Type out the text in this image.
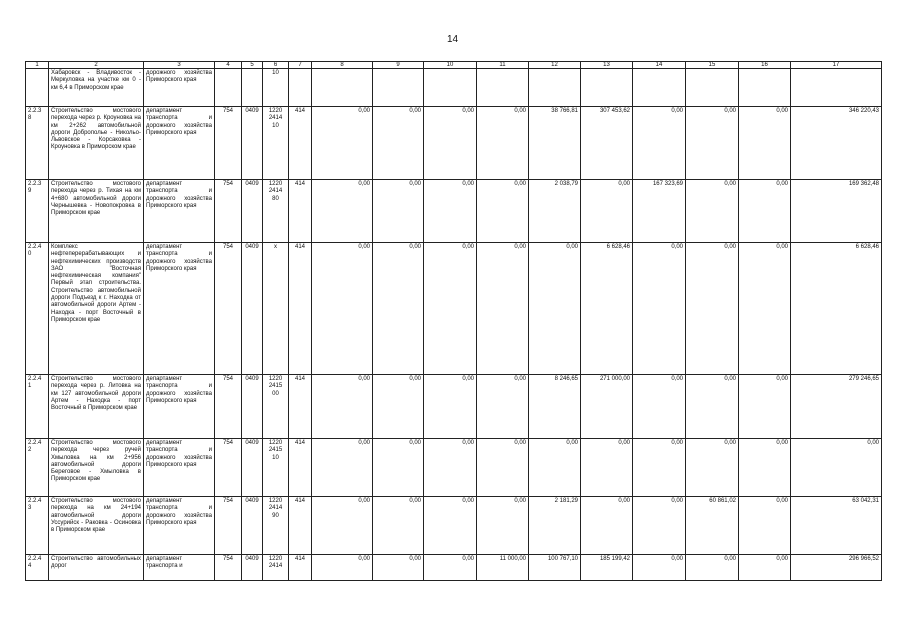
14
1	2	3	4	5	6	7	8	9	10	11	12	13	14	15	16	17
	Хабаровск - Владивосток - Меркуловка на участке км 0 - км 6,4 в Приморском крае	дорожного хозяйства Приморского края			10											
2.2.3 8	Строительство мостового перехода через р. Кроуновка на км 2+262 автомобильной дороги Доброполье - Никольо-Львовское - Корсаковка - Кроуновка в Приморском крае	департамент транспорта и дорожного хозяйства Приморского края	754	0409	1220 2414 10	414	0,00	0,00	0,00	0,00	38 766,81	307 453,62	0,00	0,00	0,00	346 220,43
2.2.3 9	Строительство мостового перехода через р. Тихая на км 4+680 автомобильной дороги Чернышевка - Новопокровка в Приморском крае	департамент транспорта и дорожного хозяйства Приморского края	754	0409	1220 2414 80	414	0,00	0,00	0,00	0,00	2 038,79	0,00	167 323,69	0,00	0,00	169 362,48
2.2.4 0	Комплекс нефтеперерабатывающих и нефтехимических производств ЗАО "Восточная нефтехимическая компания" Первый этап строительства. Строительство автомобильной дороги Подъезд к г. Находка от автомобильной дороги Артем - Находка - порт Восточный в Приморском крае	департамент транспорта и дорожного хозяйства Приморского края	754	0409	x	414	0,00	0,00	0,00	0,00	0,00	6 628,46	0,00	0,00	0,00	6 628,46
2.2.4 1	Строительство мостового перехода через р. Литовка на км 127 автомобильной дороги Артем - Находка - порт Восточный в Приморском крае	департамент транспорта и дорожного хозяйства Приморского края	754	0409	1220 2415 00	414	0,00	0,00	0,00	0,00	8 246,65	271 000,00	0,00	0,00	0,00	279 246,65
2.2.4 2	Строительство мостового перехода через ручей Хмыловка на км 2+956 автомобильной дороги Береговое - Хмыловка в Приморском крае	департамент транспорта и дорожного хозяйства Приморского края	754	0409	1220 2415 10	414	0,00	0,00	0,00	0,00	0,00	0,00	0,00	0,00	0,00	0,00
2.2.4 3	Строительство мостового перехода на км 24+194 автомобильной дороги Уссурийск - Раковка - Осиновка в Приморском крае	департамент транспорта и дорожного хозяйства Приморского края	754	0409	1220 2414 90	414	0,00	0,00	0,00	0,00	2 181,29	0,00	0,00	60 861,02	0,00	63 042,31
2.2.4 4	Строительство автомобильных дорог	департамент транспорта и	754	0409	1220 2414	414	0,00	0,00	0,00	11 000,00	100 767,10	185 199,42	0,00	0,00	0,00	296 966,52
